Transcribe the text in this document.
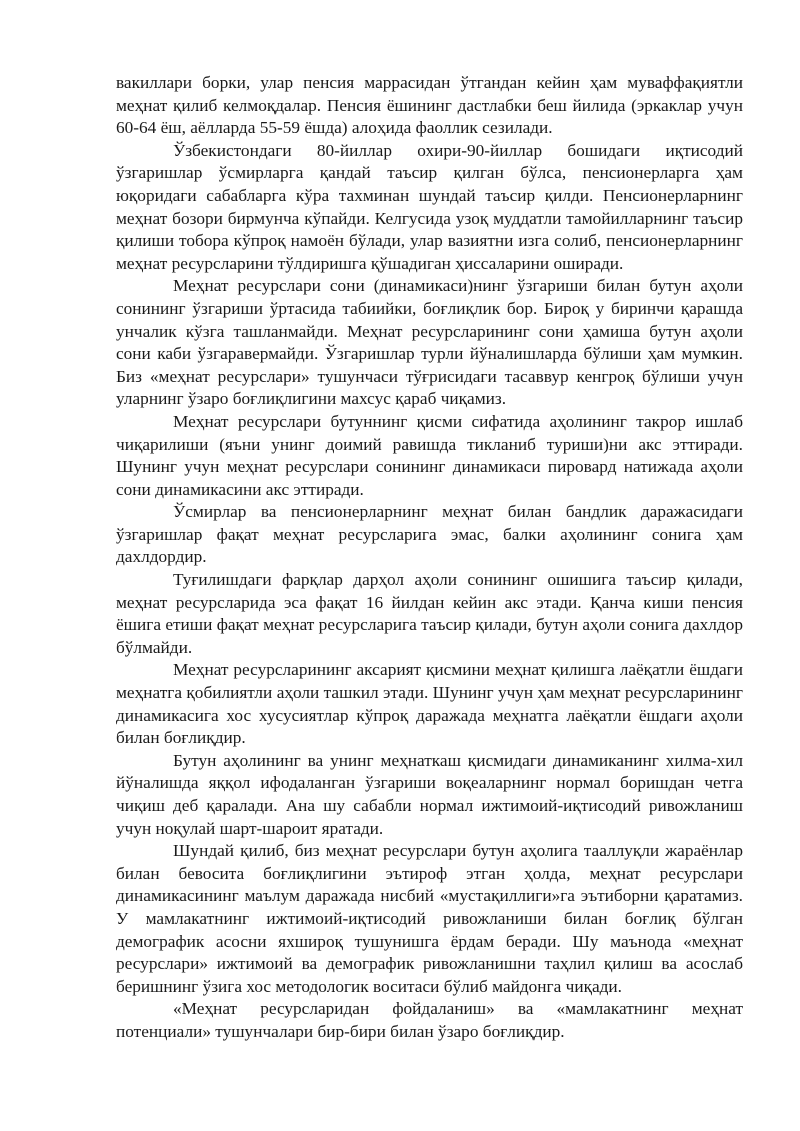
вакиллари борки, улар пенсия маррасидан ўтгандан кейин ҳам муваффақиятли меҳнат қилиб келмоқдалар. Пенсия ёшининг дастлабки беш йилида (эркаклар учун 60-64 ёш, аёлларда 55-59 ёшда) алоҳида фаоллик сезилади.

Ўзбекистондаги 80-йиллар охири-90-йиллар бошидаги иқтисодий ўзгаришлар ўсмирларга қандай таъсир қилган бўлса, пенсионерларга ҳам юқоридаги сабабларга кўра тахминан шундай таъсир қилди. Пенсионерларнинг меҳнат бозори бирмунча кўпайди. Келгусида узоқ муддатли тамойилларнинг таъсир қилиши тобора кўпроқ намоён бўлади, улар вазиятни изга солиб, пенсионерларнинг меҳнат ресурсларини тўлдиришга қўшадиган ҳиссаларини оширади.

Меҳнат ресурслари сони (динамикаси)нинг ўзгариши билан бутун аҳоли сонининг ўзгариши ўртасида табиийки, боғлиқлик бор. Бироқ у биринчи қарашда унчалик кўзга ташланмайди. Меҳнат ресурсларининг сони ҳамиша бутун аҳоли сони каби ўзгаравермайди. Ўзгаришлар турли йўналишларда бўлиши ҳам мумкин. Биз «меҳнат ресурслари» тушунчаси тўғрисидаги тасаввур кенгроқ бўлиши учун уларнинг ўзаро боғлиқлигини махсус қараб чиқамиз.

Меҳнат ресурслари бутуннинг қисми сифатида аҳолининг такрор ишлаб чиқарилиши (яъни унинг доимий равишда тикланиб туриши)ни акс эттиради. Шунинг учун меҳнат ресурслари сонининг динамикаси пировард натижада аҳоли сони динамикасини акс эттиради.

Ўсмирлар ва пенсионерларнинг меҳнат билан бандлик даражасидаги ўзгаришлар фақат меҳнат ресурсларига эмас, балки аҳолининг сонига ҳам дахлдордир.

Туғилишдаги фарқлар дарҳол аҳоли сонининг ошишига таъсир қилади, меҳнат ресурсларида эса фақат 16 йилдан кейин акс этади. Қанча киши пенсия ёшига етиши фақат меҳнат ресурсларига таъсир қилади, бутун аҳоли сонига дахлдор бўлмайди.

Меҳнат ресурсларининг аксарият қисмини меҳнат қилишга лаёқатли ёшдаги меҳнатга қобилиятли аҳоли ташкил этади. Шунинг учун ҳам меҳнат ресурсларининг динамикасига хос хусусиятлар кўпроқ даражада меҳнатга лаёқатли ёшдаги аҳоли билан боғлиқдир.

Бутун аҳолининг ва унинг меҳнаткаш қисмидаги динамиканинг хилма-хил йўналишда яққол ифодаланган ўзгариши воқеаларнинг нормал боришдан четга чиқиш деб қаралади. Ана шу сабабли нормал ижтимоий-иқтисодий ривожланиш учун ноқулай шарт-шароит яратади.

Шундай қилиб, биз меҳнат ресурслари бутун аҳолига тааллуқли жараёнлар билан бевосита боғлиқлигини эътироф этган ҳолда, меҳнат ресурслари динамикасининг маълум даражада нисбий «мустақиллиги»га эътиборни қаратамиз. У мамлакатнинг ижтимоий-иқтисодий ривожланиши билан боғлиқ бўлган демографик асосни яхшироқ тушунишга ёрдам беради. Шу маънода «меҳнат ресурслари» ижтимоий ва демографик ривожланишни таҳлил қилиш ва асослаб беришнинг ўзига хос методологик воситаси бўлиб майдонга чиқади.

«Меҳнат ресурсларидан фойдаланиш» ва «мамлакатнинг меҳнат потенциали» тушунчалари бир-бири билан ўзаро боғлиқдир.
